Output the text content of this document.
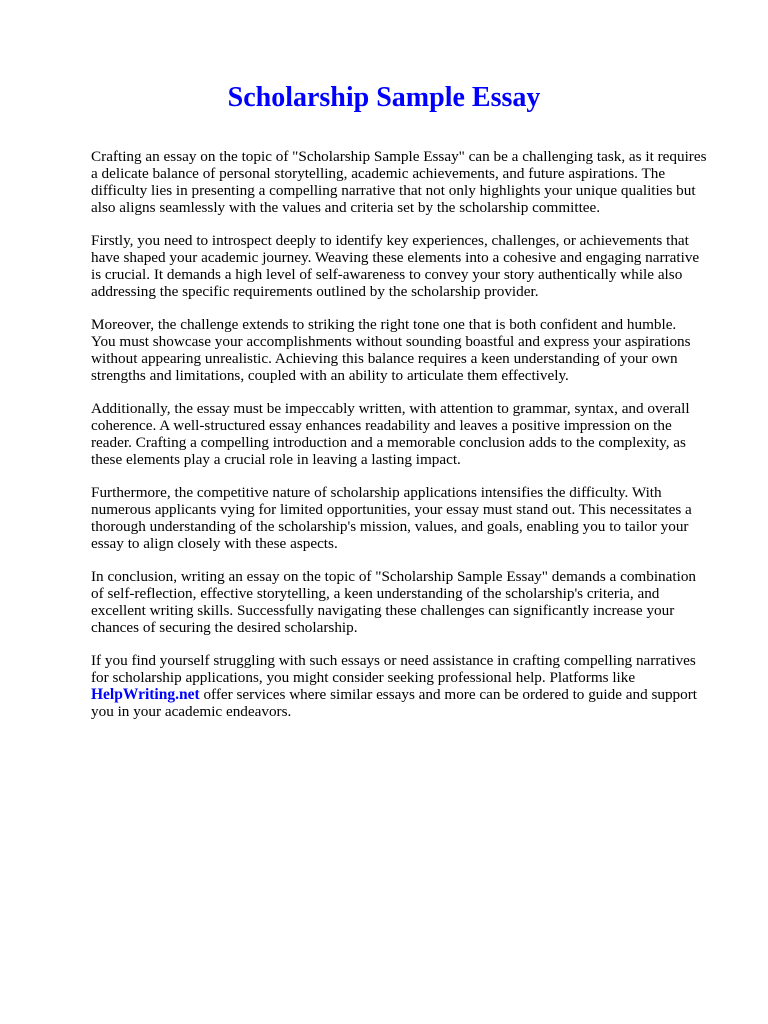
Scholarship Sample Essay

Crafting an essay on the topic of "Scholarship Sample Essay" can be a challenging task, as it requires
a delicate balance of personal storytelling, academic achievements, and future aspirations. The
difficulty lies in presenting a compelling narrative that not only highlights your unique qualities but
also aligns seamlessly with the values and criteria set by the scholarship committee.

Firstly, you need to introspect deeply to identify key experiences, challenges, or achievements that
have shaped your academic journey. Weaving these elements into a cohesive and engaging narrative
is crucial. It demands a high level of self-awareness to convey your story authentically while also
addressing the specific requirements outlined by the scholarship provider.

Moreover, the challenge extends to striking the right tone one that is both confident and humble.
You must showcase your accomplishments without sounding boastful and express your aspirations
without appearing unrealistic. Achieving this balance requires a keen understanding of your own
strengths and limitations, coupled with an ability to articulate them effectively.

Additionally, the essay must be impeccably written, with attention to grammar, syntax, and overall
coherence. A well-structured essay enhances readability and leaves a positive impression on the
reader. Crafting a compelling introduction and a memorable conclusion adds to the complexity, as
these elements play a crucial role in leaving a lasting impact.

Furthermore, the competitive nature of scholarship applications intensifies the difficulty. With
numerous applicants vying for limited opportunities, your essay must stand out. This necessitates a
thorough understanding of the scholarship's mission, values, and goals, enabling you to tailor your
essay to align closely with these aspects.

In conclusion, writing an essay on the topic of "Scholarship Sample Essay" demands a combination
of self-reflection, effective storytelling, a keen understanding of the scholarship's criteria, and
excellent writing skills. Successfully navigating these challenges can significantly increase your
chances of securing the desired scholarship.

If you find yourself struggling with such essays or need assistance in crafting compelling narratives
for scholarship applications, you might consider seeking professional help. Platforms like
HelpWriting.net offer services where similar essays and more can be ordered to guide and support
you in your academic endeavors.
